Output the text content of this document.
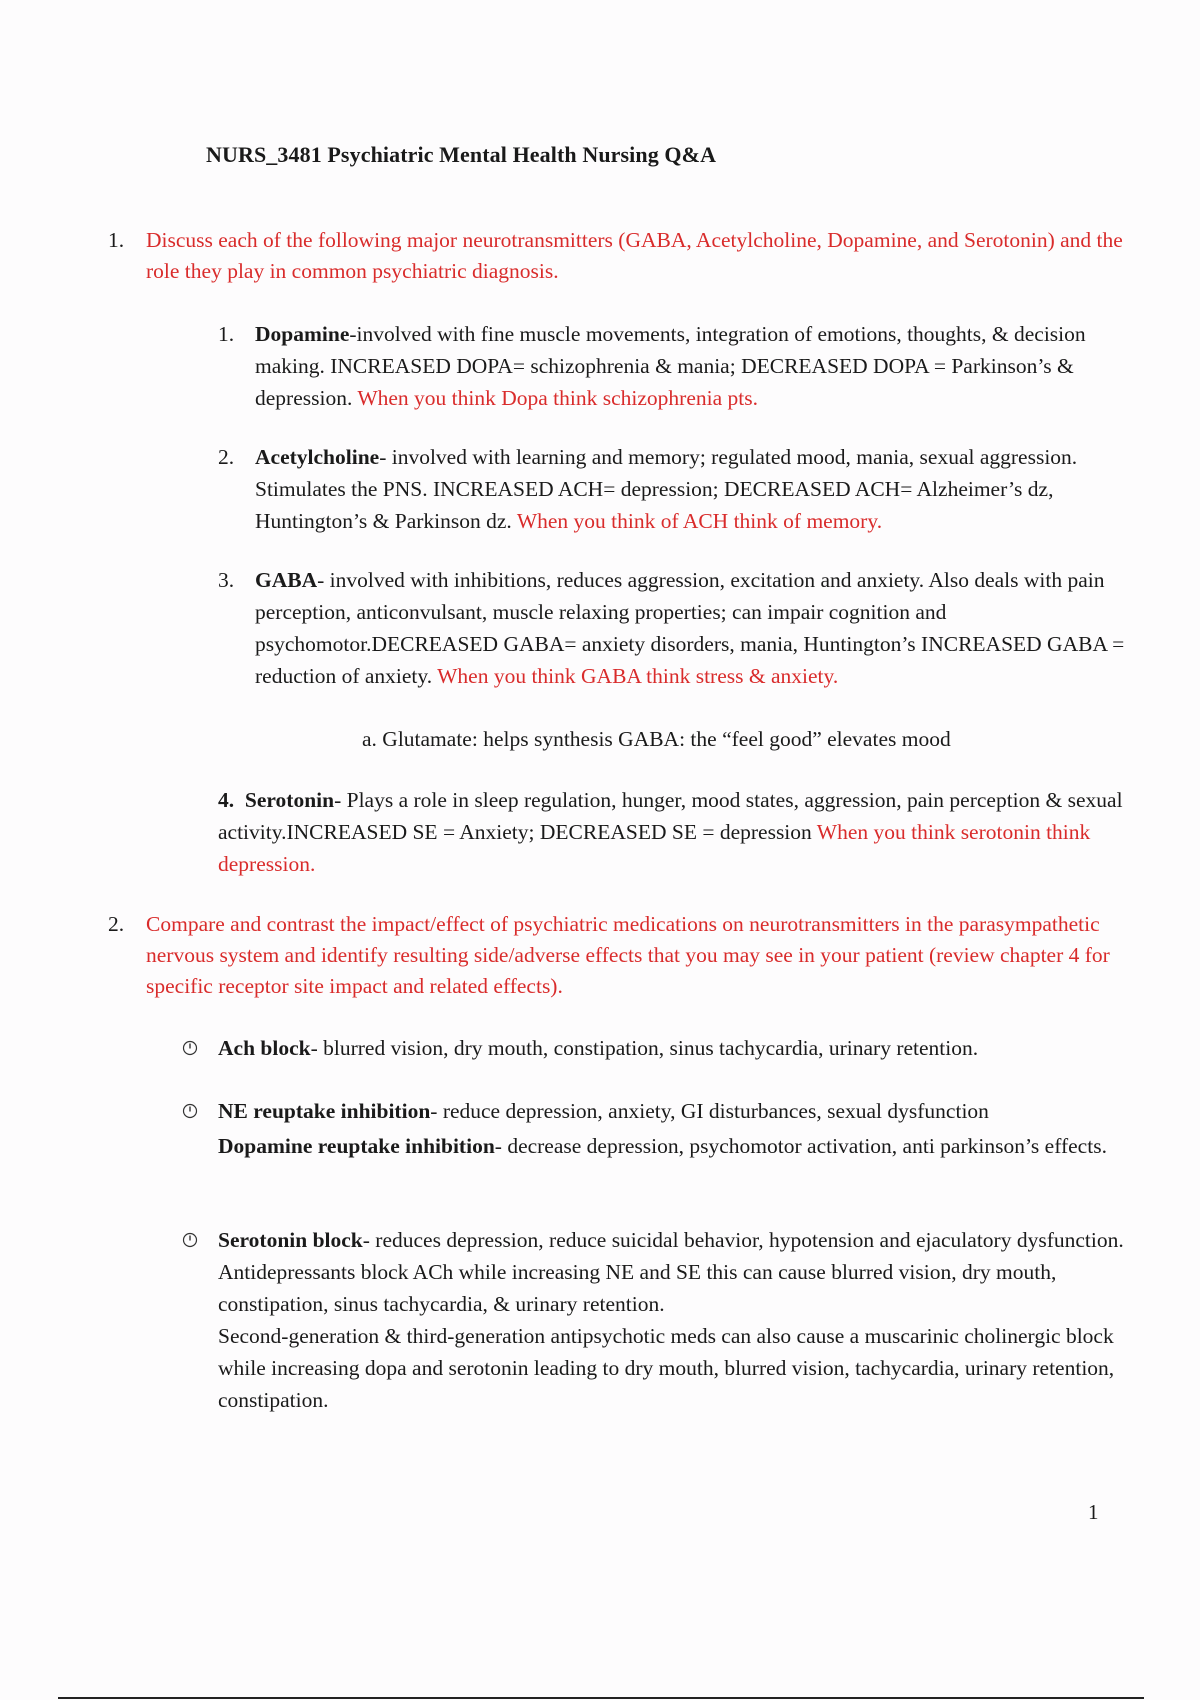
NURS_3481 Psychiatric Mental Health Nursing Q&A
1. Discuss each of the following major neurotransmitters (GABA, Acetylcholine, Dopamine, and Serotonin) and the role they play in common psychiatric diagnosis.
1. Dopamine-involved with fine muscle movements, integration of emotions, thoughts, & decision making. INCREASED DOPA= schizophrenia & mania; DECREASED DOPA = Parkinson’s & depression. When you think Dopa think schizophrenia pts.
2. Acetylcholine- involved with learning and memory; regulated mood, mania, sexual aggression. Stimulates the PNS. INCREASED ACH= depression; DECREASED ACH= Alzheimer’s dz, Huntington’s & Parkinson dz. When you think of ACH think of memory.
3. GABA- involved with inhibitions, reduces aggression, excitation and anxiety. Also deals with pain perception, anticonvulsant, muscle relaxing properties; can impair cognition and psychomotor.DECREASED GABA= anxiety disorders, mania, Huntington’s INCREASED GABA = reduction of anxiety. When you think GABA think stress & anxiety.
a. Glutamate: helps synthesis GABA: the “feel good” elevates mood
4. Serotonin- Plays a role in sleep regulation, hunger, mood states, aggression, pain perception & sexual activity.INCREASED SE = Anxiety; DECREASED SE = depression When you think serotonin think depression.
2. Compare and contrast the impact/effect of psychiatric medications on neurotransmitters in the parasympathetic nervous system and identify resulting side/adverse effects that you may see in your patient (review chapter 4 for specific receptor site impact and related effects).
Ach block- blurred vision, dry mouth, constipation, sinus tachycardia, urinary retention.
NE reuptake inhibition- reduce depression, anxiety, GI disturbances, sexual dysfunction
Dopamine reuptake inhibition- decrease depression, psychomotor activation, anti parkinson’s effects.
Serotonin block- reduces depression, reduce suicidal behavior, hypotension and ejaculatory dysfunction.
Antidepressants block ACh while increasing NE and SE this can cause blurred vision, dry mouth, constipation, sinus tachycardia, & urinary retention.
Second-generation & third-generation antipsychotic meds can also cause a muscarinic cholinergic block while increasing dopa and serotonin leading to dry mouth, blurred vision, tachycardia, urinary retention, constipation.
1
